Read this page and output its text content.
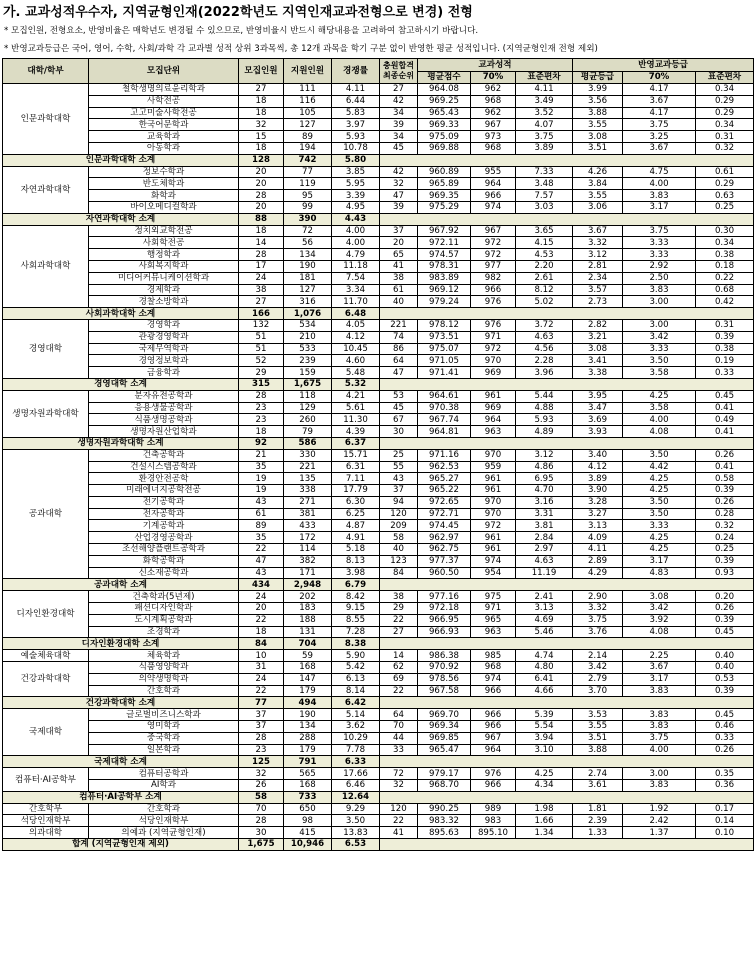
가. 교과성적우수자, 지역균형인재(2022학년도 지역인재교과전형으로 변경) 전형
* 모집인원, 전형요소, 반영비율은 매학년도 변경될 수 있으므로, 반영비율시 반드시 해당내용을 고려하여 참고하시기 바랍니다.
* 반영교과등급은 국어, 영어, 수학, 사회/과학 각 교과별 성적 상위 3과목씩, 총 12개 과목을 학기 구분 없이 반영한 평균 성적입니다. (지역균형인재 전형 제외)
대학/학부	모집단위	모집인원	지원인원	경쟁률	충원합격 최종순위	교과성적			반영교과등급		
						평균점수	70%	표준편차	평균등급	70%	표준편차
인문과학대학	철학생명의료윤리학과	27	111	4.11	27	964.08	962	4.11	3.99	4.17	0.34
	사학전공	18	116	6.44	42	969.25	968	3.49	3.56	3.67	0.29
	고고미술사학전공	18	105	5.83	34	965.43	962	3.52	3.88	4.17	0.29
	한국어문학과	32	127	3.97	39	969.33	967	4.07	3.55	3.75	0.34
	교육학과	15	89	5.93	34	975.09	973	3.75	3.08	3.25	0.31
	아동학과	18	194	10.78	45	969.88	968	3.89	3.51	3.67	0.32
인문과학대학 소계		128	742	5.80							
자연과학대학	정보수학과	20	77	3.85	42	960.89	955	7.33	4.26	4.75	0.61
	반도체학과	20	119	5.95	32	965.89	964	3.48	3.84	4.00	0.29
	화학과	28	95	3.39	47	969.35	966	7.57	3.55	3.83	0.63
	바이오메디컬학과	20	99	4.95	39	975.29	974	3.03	3.06	3.17	0.25
자연과학대학 소계		88	390	4.43							
사회과학대학	정치외교학전공	18	72	4.00	37	967.92	967	3.65	3.67	3.75	0.30
	사회학전공	14	56	4.00	20	972.11	972	4.15	3.32	3.33	0.34
	행정학과	28	134	4.79	65	974.57	972	4.53	3.12	3.33	0.38
	사회복지학과	17	190	11.18	41	978.31	977	2.20	2.81	2.92	0.18
	미디어커뮤니케이션학과	24	181	7.54	38	983.89	982	2.61	2.34	2.50	0.22
	경제학과	38	127	3.34	61	969.12	966	8.12	3.57	3.83	0.68
	경찰소방학과	27	316	11.70	40	979.24	976	5.02	2.73	3.00	0.42
사회과학대학 소계		166	1,076	6.48							
경영대학	경영학과	132	534	4.05	221	978.12	976	3.72	2.82	3.00	0.31
	관광경영학과	51	210	4.12	74	973.51	971	4.63	3.21	3.42	0.39
	국제무역학과	51	533	10.45	86	975.07	972	4.56	3.08	3.33	0.38
	경영정보학과	52	239	4.60	64	971.05	970	2.28	3.41	3.50	0.19
	금융학과	29	159	5.48	47	971.41	969	3.96	3.38	3.58	0.33
경영대학 소계		315	1,675	5.32							
생명자원과학대학	분자유전공학과	28	118	4.21	53	964.61	961	5.44	3.95	4.25	0.45
	응용생물공학과	23	129	5.61	45	970.38	969	4.88	3.47	3.58	0.41
	식품생명공학과	23	260	11.30	67	967.74	964	5.93	3.69	4.00	0.49
	생명자원산업학과	18	79	4.39	30	964.81	963	4.89	3.93	4.08	0.41
생명자원과학대학 소계		92	586	6.37							
공과대학	건축공학과	21	330	15.71	25	971.16	970	3.12	3.40	3.50	0.26
	건설시스템공학과	35	221	6.31	55	962.53	959	4.86	4.12	4.42	0.41
	환경안전공학	19	135	7.11	43	965.27	961	6.95	3.89	4.25	0.58
	미래에너지공학전공	19	338	17.79	37	965.22	961	4.70	3.90	4.25	0.39
	전기공학과	43	271	6.30	94	972.65	970	3.16	3.28	3.50	0.26
	전자공학과	61	381	6.25	120	972.71	970	3.31	3.27	3.50	0.28
	기계공학과	89	433	4.87	209	974.45	972	3.81	3.13	3.33	0.32
	산업경영공학과	35	172	4.91	58	962.97	961	2.84	4.09	4.25	0.24
	조선해양플랜트공학과	22	114	5.18	40	962.75	961	2.97	4.11	4.25	0.25
	화학공학과	47	382	8.13	123	977.37	974	4.63	2.89	3.17	0.39
	신소재공학과	43	171	3.98	84	960.50	954	11.19	4.29	4.83	0.93
공과대학 소계		434	2,948	6.79							
디자인환경대학	건축학과(5년제)	24	202	8.42	38	977.16	975	2.41	2.90	3.08	0.20
	패션디자인학과	20	183	9.15	29	972.18	971	3.13	3.32	3.42	0.26
	도시계획공학과	22	188	8.55	22	966.95	965	4.69	3.75	3.92	0.39
	조경학과	18	131	7.28	27	966.93	963	5.46	3.76	4.08	0.45
디자인환경대학 소계		84	704	8.38							
예술체육대학	체육학과	10	59	5.90	14	986.38	985	4.74	2.14	2.25	0.40
건강과학대학	식품영양학과	31	168	5.42	62	970.92	968	4.80	3.42	3.67	0.40
	의약생명학과	24	147	6.13	69	978.56	974	6.41	2.79	3.17	0.53
	간호학과	22	179	8.14	22	967.58	966	4.66	3.70	3.83	0.39
건강과학대학 소계		77	494	6.42							
국제대학	글로벌비즈니스학과	37	190	5.14	64	969.70	966	5.39	3.53	3.83	0.45
	영미학과	37	134	3.62	70	969.34	966	5.54	3.55	3.83	0.46
	중국학과	28	288	10.29	44	969.85	967	3.94	3.51	3.75	0.33
	일본학과	23	179	7.78	33	965.47	964	3.10	3.88	4.00	0.26
국제대학 소계		125	791	6.33							
컴퓨터·AI공학부	컴퓨터공학과	32	565	17.66	72	979.17	976	4.25	2.74	3.00	0.35
	AI학과	26	168	6.46	32	968.70	966	4.34	3.61	3.83	0.36
컴퓨터·AI공학부 소계		58	733	12.64							
간호학부	간호학과	70	650	9.29	120	990.25	989	1.98	1.81	1.92	0.17
석당인재학부	석당인재학부	28	98	3.50	22	983.32	983	1.66	2.39	2.42	0.14
의과대학	의예과 (지역균형인재)	30	415	13.83	41	895.63	895.10	1.34	1.33	1.37	0.10
합계 (지역균형인재 제외)		1,675	10,946	6.53							
